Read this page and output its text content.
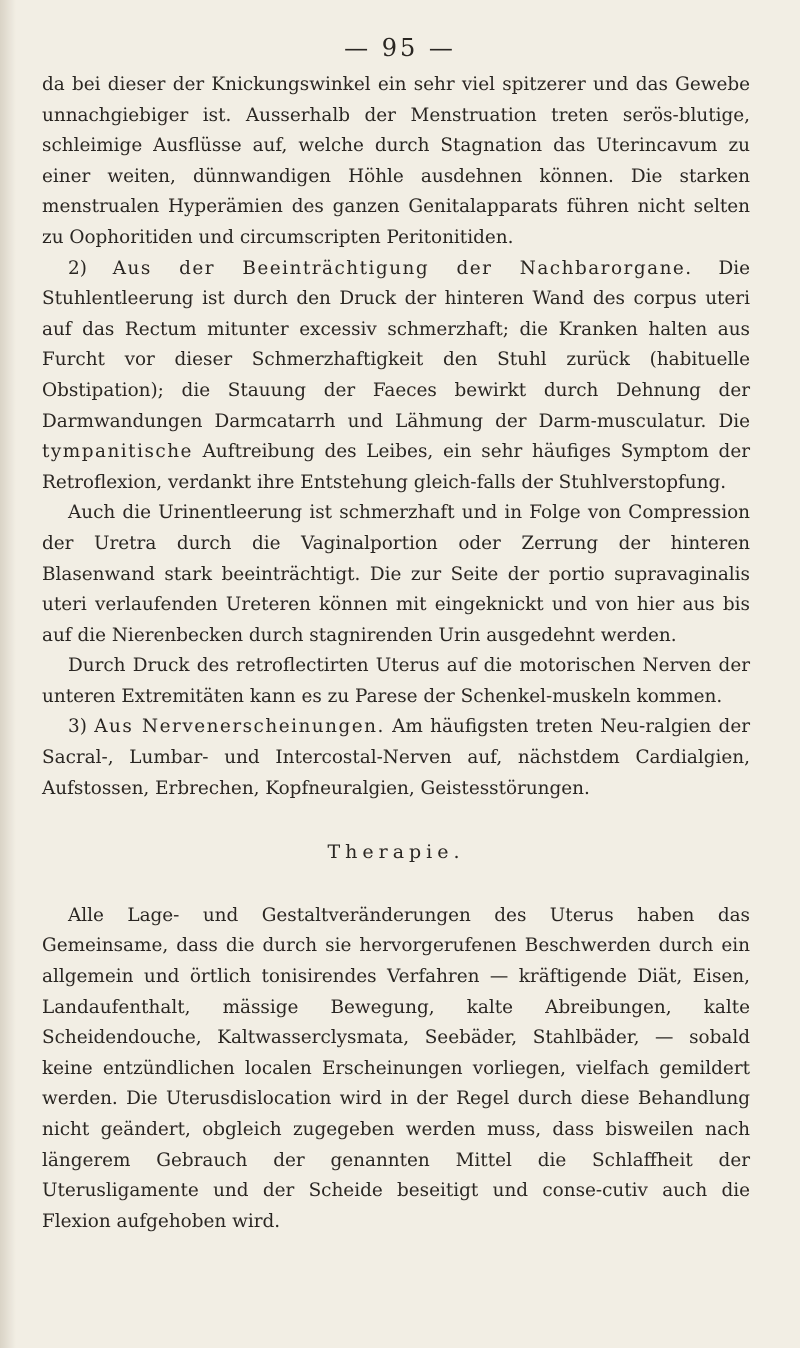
— 95 —

da bei dieser der Knickungswinkel ein sehr viel spitzerer und das Gewebe unnachgiebiger ist. Ausserhalb der Menstruation treten serös-blutige, schleimige Ausflüsse auf, welche durch Stagnation das Uterincavum zu einer weiten, dünnwandigen Höhle ausdehnen können. Die starken menstrualen Hyperämien des ganzen Genitalapparats führen nicht selten zu Oophoritiden und circumscripten Peritonitiden.

2) Aus der Beeinträchtigung der Nachbarorgane. Die Stuhlentleerung ist durch den Druck der hinteren Wand des corpus uteri auf das Rectum mitunter excessiv schmerzhaft; die Kranken halten aus Furcht vor dieser Schmerzhaftigkeit den Stuhl zurück (habituelle Obstipation); die Stauung der Faeces bewirkt durch Dehnung der Darmwandungen Darmcatarrh und Lähmung der Darm-musculatur. Die tympanitische Auftreibung des Leibes, ein sehr häufiges Symptom der Retroflexion, verdankt ihre Entstehung gleich-falls der Stuhlverstopfung.

Auch die Urinentleerung ist schmerzhaft und in Folge von Compression der Uretra durch die Vaginalportion oder Zerrung der hinteren Blasenwand stark beeinträchtigt. Die zur Seite der portio supravaginalis uteri verlaufenden Ureteren können mit eingeknickt und von hier aus bis auf die Nierenbecken durch stagnirenden Urin ausgedehnt werden.

Durch Druck des retroflectirten Uterus auf die motorischen Nerven der unteren Extremitäten kann es zu Parese der Schenkel-muskeln kommen.

3) Aus Nervenerscheinungen. Am häufigsten treten Neu-ralgien der Sacral-, Lumbar- und Intercostal-Nerven auf, nächstdem Cardialgien, Aufstossen, Erbrechen, Kopfneuralgien, Geistesstörungen.

Therapie.

Alle Lage- und Gestaltveränderungen des Uterus haben das Gemeinsame, dass die durch sie hervorgerufenen Beschwerden durch ein allgemein und örtlich tonisirendes Verfahren — kräftigende Diät, Eisen, Landaufenthalt, mässige Bewegung, kalte Abreibungen, kalte Scheidendouche, Kaltwasserclysmata, Seebäder, Stahlbäder, — sobald keine entzündlichen localen Erscheinungen vorliegen, vielfach gemildert werden. Die Uterusdislocation wird in der Regel durch diese Behandlung nicht geändert, obgleich zugegeben werden muss, dass bisweilen nach längerem Gebrauch der genannten Mittel die Schlaffheit der Uterusligamente und der Scheide beseitigt und conse-cutiv auch die Flexion aufgehoben wird.
